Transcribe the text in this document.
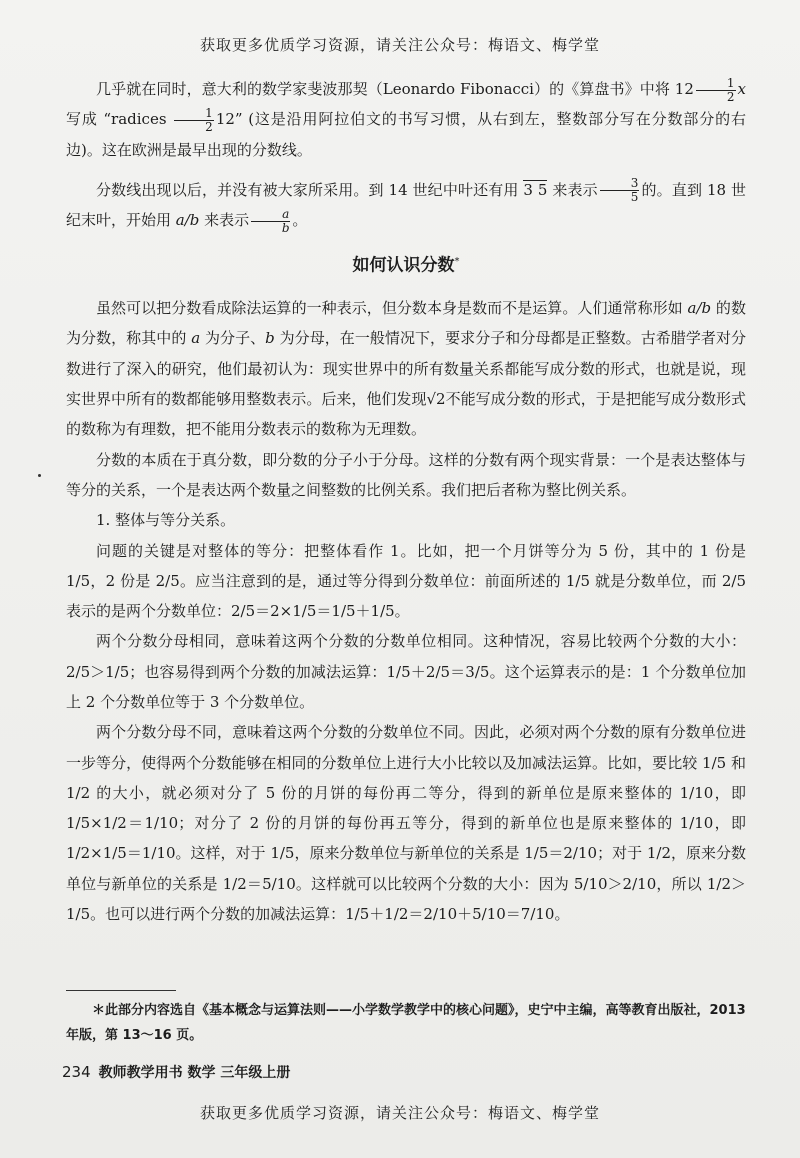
获取更多优质学习资源，请关注公众号：梅语文、梅学堂

几乎就在同时，意大利的数学家斐波那契（Leonardo Fibonacci）的《算盘书》中将 $12 \frac{1}{2}$ x 写成 “radices $\frac{1}{2} 12$” (这是沿用阿拉伯文的书写习惯，从右到左，整数部分写在分数部分的右边)。这在欧洲是最早出现的分数线。

分数线出现以后，并没有被大家所采用。到 14 世纪中叶还有用 3 5 来表示 $\frac{3}{5}$ 的。直到 18 世纪末叶，开始用 a/b 来表示 $\frac{a}{b}$ 。

如何认识分数*

虽然可以把分数看成除法运算的一种表示，但分数本身是数而不是运算。人们通常称形如 a/b 的数为分数，称其中的 a 为分子、b 为分母，在一般情况下，要求分子和分母都是正整数。古希腊学者对分数进行了深入的研究，他们最初认为：现实世界中的所有数量关系都能写成分数的形式，也就是说，现实世界中所有的数都能够用整数表示。后来，他们发现√2不能写成分数的形式，于是把能写成分数形式的数称为有理数，把不能用分数表示的数称为无理数。

分数的本质在于真分数，即分数的分子小于分母。这样的分数有两个现实背景：一个是表达整体与等分的关系，一个是表达两个数量之间整数的比例关系。我们把后者称为整比例关系。

1. 整体与等分关系。

问题的关键是对整体的等分：把整体看作 1。比如，把一个月饼等分为 5 份，其中的 1 份是 1/5，2 份是 2/5。应当注意到的是，通过等分得到分数单位：前面所述的 1/5 就是分数单位，而 2/5 表示的是两个分数单位：2/5＝2×1/5＝1/5＋1/5。

两个分数分母相同，意味着这两个分数的分数单位相同。这种情况，容易比较两个分数的大小：2/5＞1/5；也容易得到两个分数的加减法运算：1/5＋2/5＝3/5。这个运算表示的是：1 个分数单位加上 2 个分数单位等于 3 个分数单位。

两个分数分母不同，意味着这两个分数的分数单位不同。因此，必须对两个分数的原有分数单位进一步等分，使得两个分数能够在相同的分数单位上进行大小比较以及加减法运算。比如，要比较 1/5 和 1/2 的大小，就必须对分了 5 份的月饼的每份再二等分，得到的新单位是原来整体的 1/10，即 1/5×1/2＝1/10；对分了 2 份的月饼的每份再五等分，得到的新单位也是原来整体的 1/10，即 1/2×1/5＝1/10。这样，对于 1/5，原来分数单位与新单位的关系是 1/5＝2/10；对于 1/2，原来分数单位与新单位的关系是 1/2＝5/10。这样就可以比较两个分数的大小：因为 5/10＞2/10，所以 1/2＞1/5。也可以进行两个分数的加减法运算：1/5＋1/2＝2/10＋5/10＝7/10。

＊此部分内容选自《基本概念与运算法则——小学数学教学中的核心问题》，史宁中主编，高等教育出版社，2013 年版，第 13～16 页。
234 教师教学用书 数学 三年级上册
获取更多优质学习资源，请关注公众号：梅语文、梅学堂
